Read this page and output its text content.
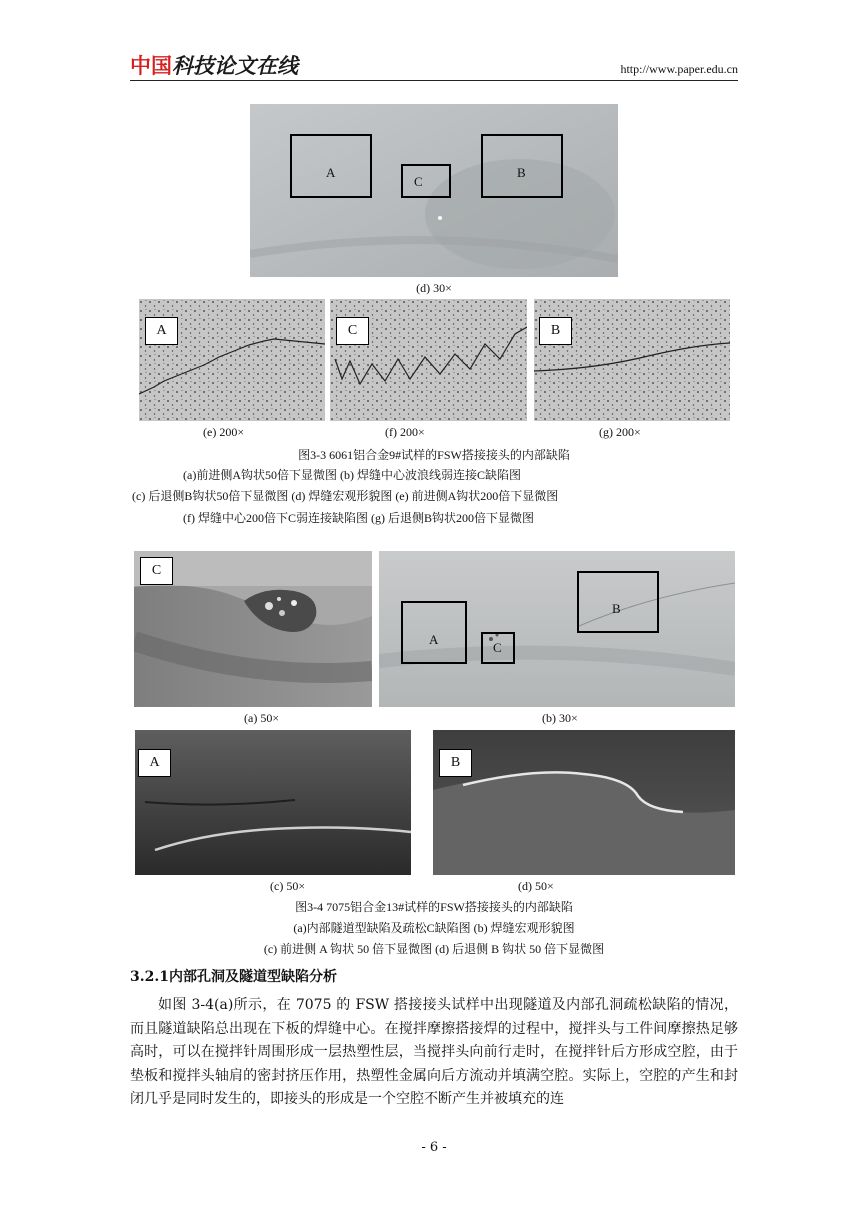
中国科技论文在线	http://www.paper.edu.cn
A
C
B
(d) 30×
A	C	B
(e) 200×	(f) 200×	(g) 200×
图3-3 6061铝合金9#试样的FSW搭接接头的内部缺陷
(a)前进侧A钩状50倍下显微图 (b) 焊缝中心波浪线弱连接C缺陷图
(c) 后退侧B钩状50倍下显微图 (d) 焊缝宏观形貌图 (e) 前进侧A钩状200倍下显微图
(f) 焊缝中心200倍下C弱连接缺陷图 (g) 后退侧B钩状200倍下显微图
C
A
C
B
(a) 50×	(b) 30×
A	B
(c) 50×	(d) 50×
图3-4 7075铝合金13#试样的FSW搭接接头的内部缺陷
(a)内部隧道型缺陷及疏松C缺陷图 (b) 焊缝宏观形貌图
(c) 前进侧 A 钩状 50 倍下显微图 (d) 后退侧 B 钩状 50 倍下显微图
3.2.1内部孔洞及隧道型缺陷分析
如图 3-4(a)所示，在 7075 的 FSW 搭接接头试样中出现隧道及内部孔洞疏松缺陷的情况，而且隧道缺陷总出现在下板的焊缝中心。在搅拌摩擦搭接焊的过程中，搅拌头与工件间摩擦热足够高时，可以在搅拌针周围形成一层热塑性层，当搅拌头向前行走时，在搅拌针后方形成空腔，由于垫板和搅拌头轴肩的密封挤压作用，热塑性金属向后方流动并填满空腔。实际上，空腔的产生和封闭几乎是同时发生的，即接头的形成是一个空腔不断产生并被填充的连
- 6 -
